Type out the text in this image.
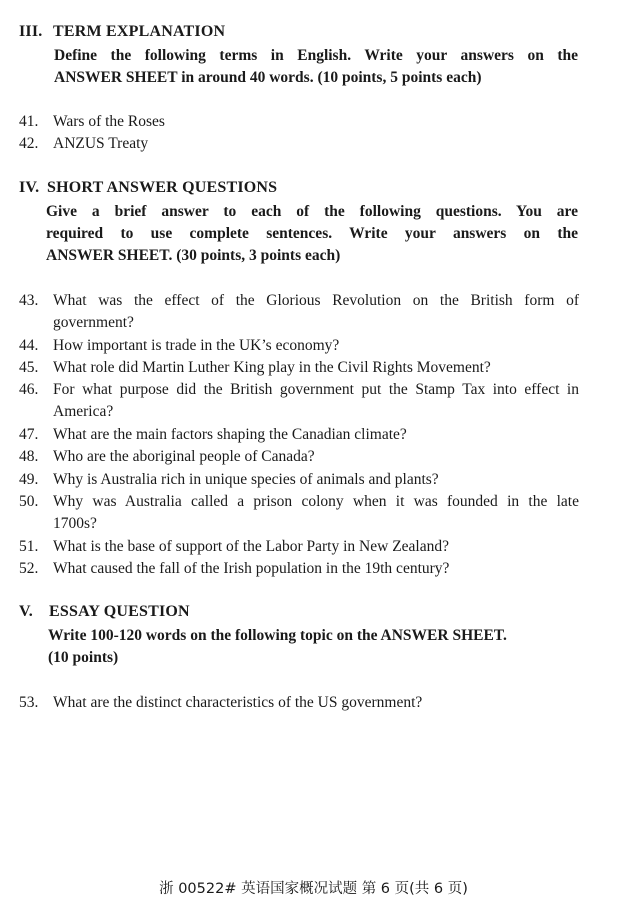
III. TERM EXPLANATION
Define the following terms in English. Write your answers on the
ANSWER SHEET in around 40 words. (10 points, 5 points each)
41. Wars of the Roses
42. ANZUS Treaty
IV. SHORT ANSWER QUESTIONS
Give a brief answer to each of the following questions. You are
required to use complete sentences. Write your answers on the
ANSWER SHEET. (30 points, 3 points each)
43. What was the effect of the Glorious Revolution on the British form of
government?
44. How important is trade in the UK’s economy?
45. What role did Martin Luther King play in the Civil Rights Movement?
46. For what purpose did the British government put the Stamp Tax into effect in
America?
47. What are the main factors shaping the Canadian climate?
48. Who are the aboriginal people of Canada?
49. Why is Australia rich in unique species of animals and plants?
50. Why was Australia called a prison colony when it was founded in the late
1700s?
51. What is the base of support of the Labor Party in New Zealand?
52. What caused the fall of the Irish population in the 19th century?
V. ESSAY QUESTION
Write 100-120 words on the following topic on the ANSWER SHEET.
(10 points)
53. What are the distinct characteristics of the US government?
浙 00522# 英语国家概况试题 第 6 页(共 6 页)
